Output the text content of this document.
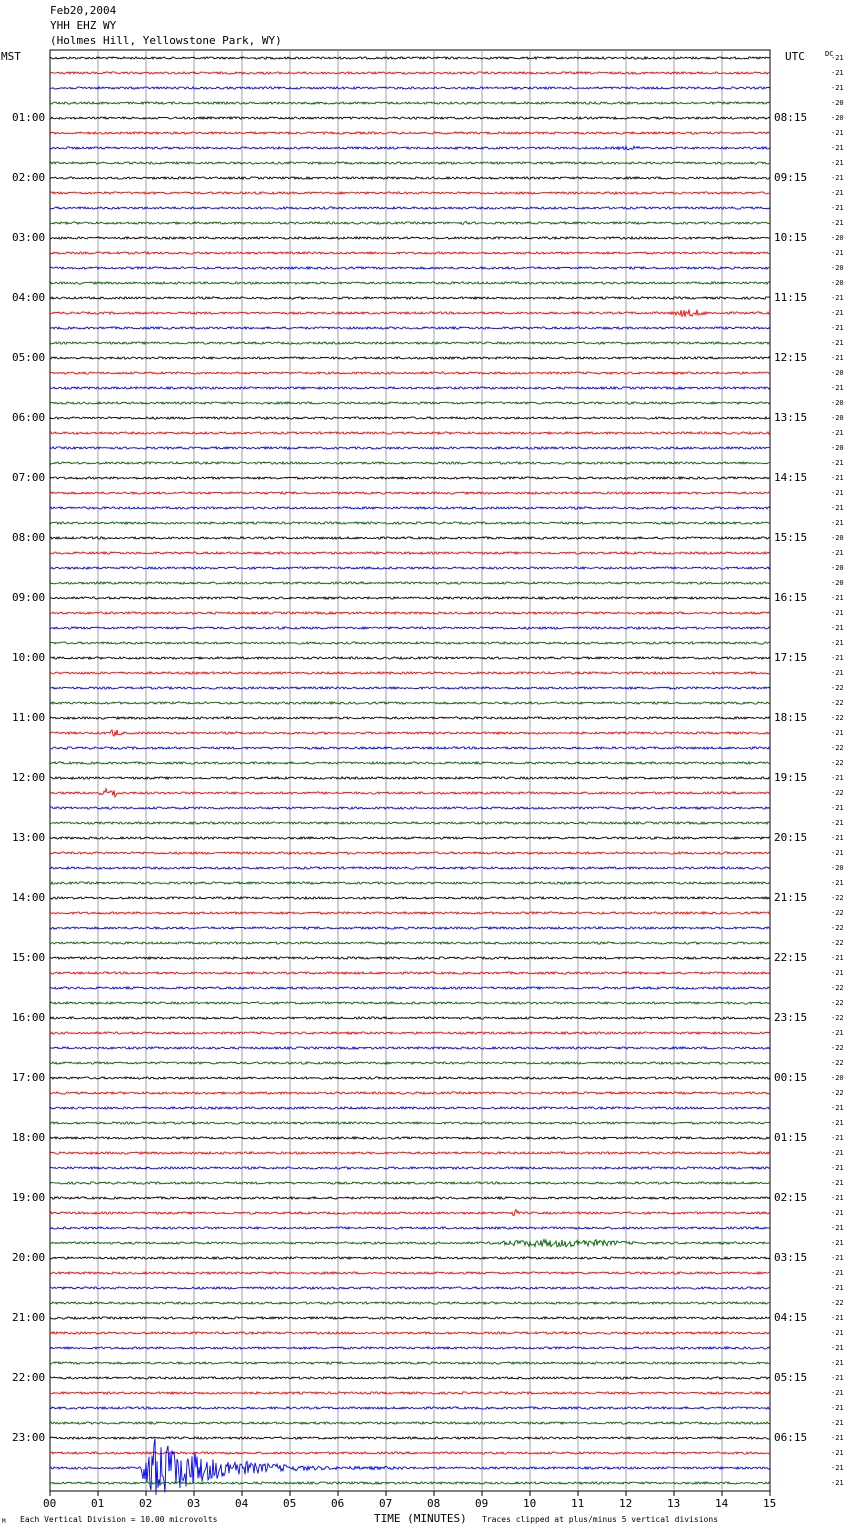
Feb20,2004
YHH EHZ WY
(Holmes Hill, Yellowstone Park, WY)
MST	UTC	DC
01:00
02:00
03:00
04:00
05:00
06:00
07:00
08:00
09:00
10:00
11:00
12:00
13:00
14:00
15:00
16:00
17:00
18:00
19:00
20:00
21:00
22:00
23:00
08:15
09:15
10:15
11:15
12:15
13:15
14:15
15:15
16:15
17:15
18:15
19:15
20:15
21:15
22:15
23:15
00:15
01:15
02:15
03:15
04:15
05:15
06:15
-21
-21
-21
-20
-20
-21
-21
-21
-21
-21
-21
-21
-20
-21
-20
-20
-21
-21
-21
-21
-21
-20
-21
-20
-20
-21
-20
-21
-21
-21
-21
-21
-20
-21
-20
-20
-21
-21
-21
-21
-21
-21
-22
-22
-22
-21
-22
-22
-21
-22
-21
-21
-21
-21
-20
-21
-22
-22
-22
-22
-21
-21
-22
-22
-22
-21
-22
-22
-20
-22
-21
-21
-21
-21
-21
-21
-21
-21
-21
-21
-21
-21
-21
-22
-21
-21
-21
-21
-21
-21
-21
-21
-21
-21
-21
-21
00	01	02	03	04	05	06	07	08	09	10	11	12	13	14	15
Each Vertical Division = 10.00 microvolts	TIME (MINUTES) Traces clipped at plus/minus 5 vertical divisions
M
